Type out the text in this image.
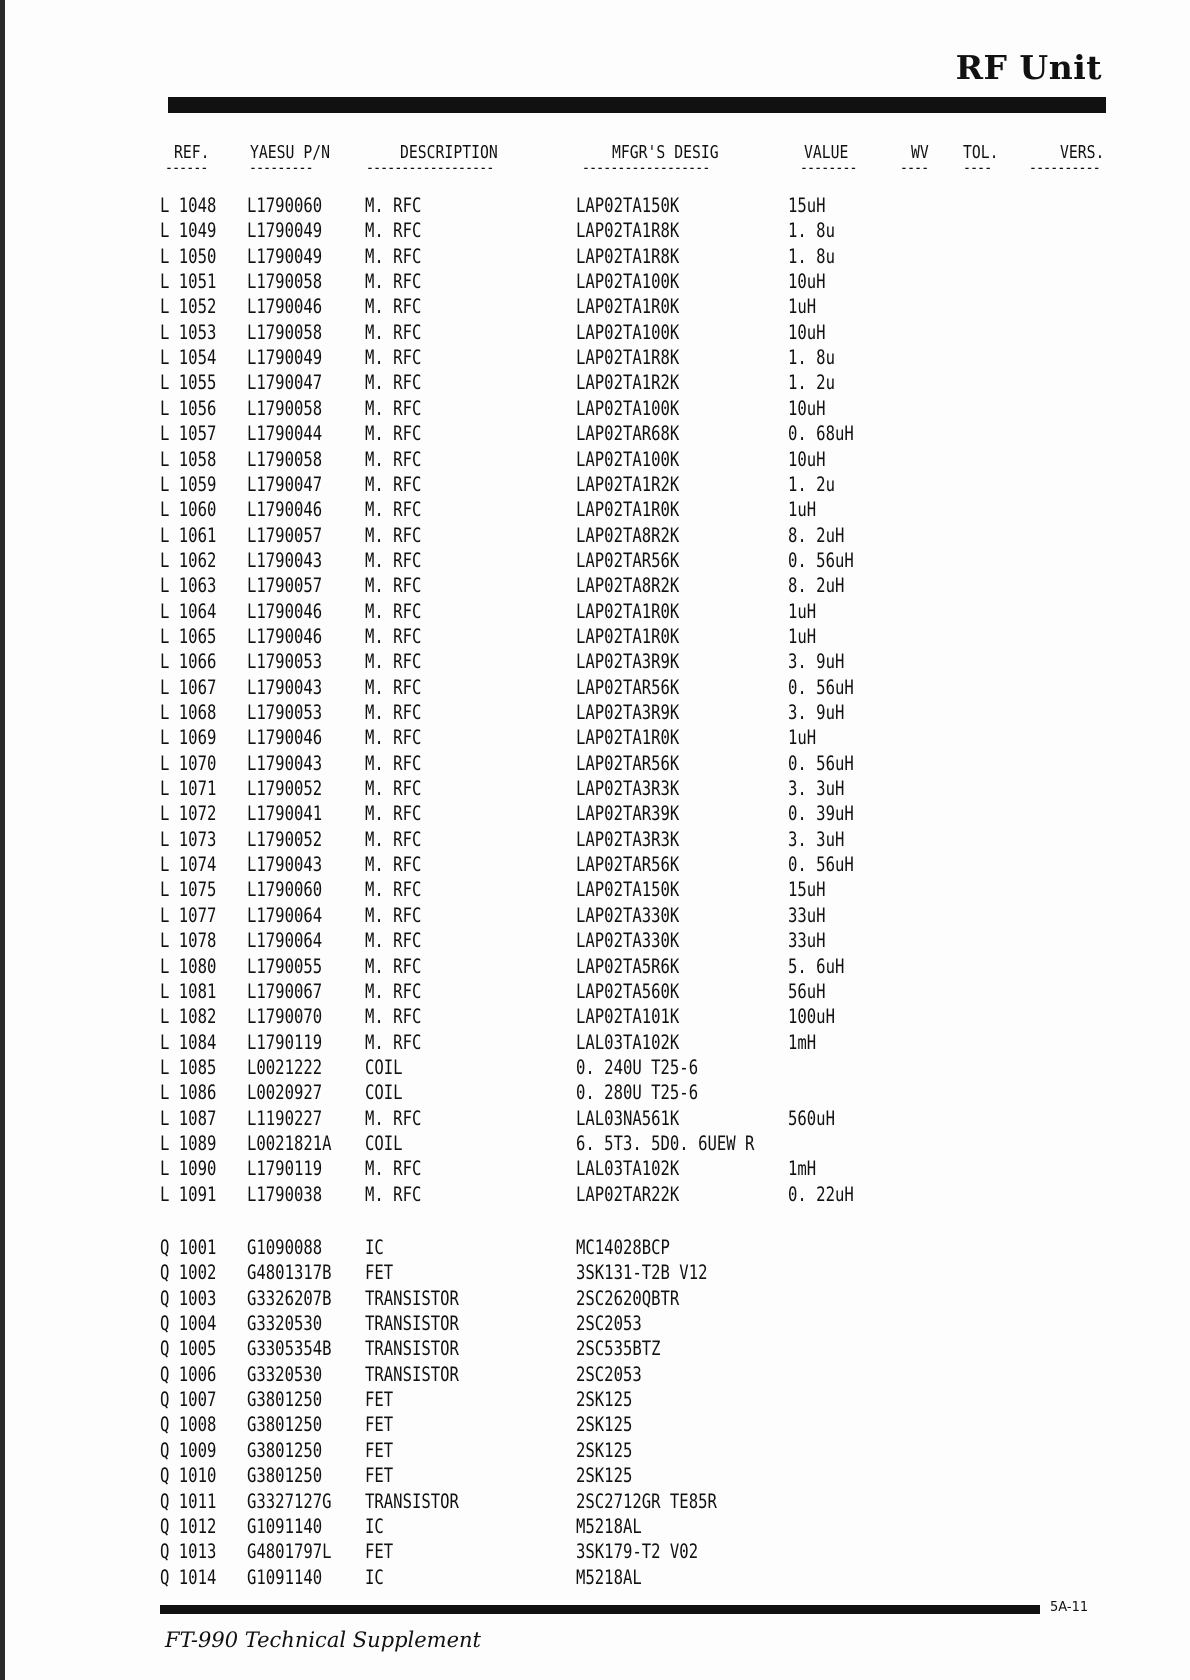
RF Unit
REF. YAESU P/N	DESCRIPTION	MFGR'S DESIG	VALUE	WV TOL.	VERS.
------	---------	------------------	------------------	--------	---- ---- ----------
L 1048 L1790060 M. RFC	LAP02TA150K	15uH
L 1049 L1790049 M. RFC	LAP02TA1R8K	1. 8u
L 1050 L1790049 M. RFC	LAP02TA1R8K	1. 8u
L 1051 L1790058 M. RFC	LAP02TA100K	10uH
L 1052 L1790046 M. RFC	LAP02TA1R0K	1uH
L 1053 L1790058 M. RFC	LAP02TA100K	10uH
L 1054 L1790049 M. RFC	LAP02TA1R8K	1. 8u
L 1055 L1790047 M. RFC	LAP02TA1R2K	1. 2u
L 1056 L1790058 M. RFC	LAP02TA100K	10uH
L 1057 L1790044 M. RFC	LAP02TAR68K	0. 68uH
L 1058 L1790058 M. RFC	LAP02TA100K	10uH
L 1059 L1790047 M. RFC	LAP02TA1R2K	1. 2u
L 1060 L1790046 M. RFC	LAP02TA1R0K	1uH
L 1061 L1790057 M. RFC	LAP02TA8R2K	8. 2uH
L 1062 L1790043 M. RFC	LAP02TAR56K	0. 56uH
L 1063 L1790057 M. RFC	LAP02TA8R2K	8. 2uH
L 1064 L1790046 M. RFC	LAP02TA1R0K	1uH
L 1065 L1790046 M. RFC	LAP02TA1R0K	1uH
L 1066 L1790053 M. RFC	LAP02TA3R9K	3. 9uH
L 1067 L1790043 M. RFC	LAP02TAR56K	0. 56uH
L 1068 L1790053 M. RFC	LAP02TA3R9K	3. 9uH
L 1069 L1790046 M. RFC	LAP02TA1R0K	1uH
L 1070 L1790043 M. RFC	LAP02TAR56K	0. 56uH
L 1071 L1790052 M. RFC	LAP02TA3R3K	3. 3uH
L 1072 L1790041 M. RFC	LAP02TAR39K	0. 39uH
L 1073 L1790052 M. RFC	LAP02TA3R3K	3. 3uH
L 1074 L1790043 M. RFC	LAP02TAR56K	0. 56uH
L 1075 L1790060 M. RFC	LAP02TA150K	15uH
L 1077 L1790064 M. RFC	LAP02TA330K	33uH
L 1078 L1790064 M. RFC	LAP02TA330K	33uH
L 1080 L1790055 M. RFC	LAP02TA5R6K	5. 6uH
L 1081 L1790067 M. RFC	LAP02TA560K	56uH
L 1082 L1790070 M. RFC	LAP02TA101K	100uH
L 1084 L1790119 M. RFC	LAL03TA102K	1mH
L 1085 L0021222 COIL	0. 240U T25-6
L 1086 L0020927 COIL	0. 280U T25-6
L 1087 L1190227 M. RFC	LAL03NA561K	560uH
L 1089 L0021821A COIL	6. 5T3. 5D0. 6UEW R
L 1090 L1790119 M. RFC	LAL03TA102K	1mH
L 1091 L1790038 M. RFC	LAP02TAR22K	0. 22uH
Q 1001 G1090088 IC	MC14028BCP
Q 1002 G4801317B FET	3SK131-T2B V12
Q 1003 G3326207B TRANSISTOR	2SC2620QBTR
Q 1004 G3320530 TRANSISTOR	2SC2053
Q 1005 G3305354B TRANSISTOR	2SC535BTZ
Q 1006 G3320530 TRANSISTOR	2SC2053
Q 1007 G3801250 FET	2SK125
Q 1008 G3801250 FET	2SK125
Q 1009 G3801250 FET	2SK125
Q 1010 G3801250 FET	2SK125
Q 1011 G3327127G TRANSISTOR	2SC2712GR TE85R
Q 1012 G1091140 IC	M5218AL
Q 1013 G4801797L FET	3SK179-T2 V02
Q 1014 G1091140 IC	M5218AL
5A-11
FT-990 Technical Supplement
